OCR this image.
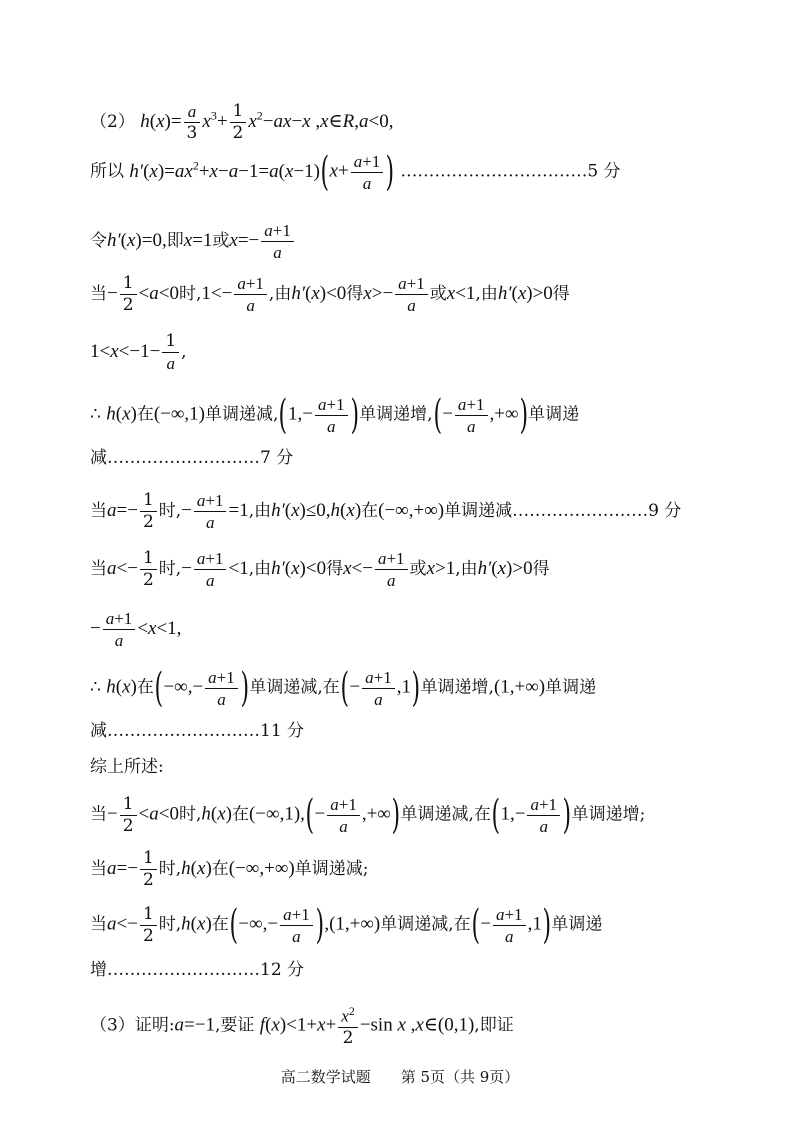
（2） $h(x)= \frac{a}{3} x^3+ \frac{1}{2} x^2-ax-x$ ,x∈R,a<0,
所以 $h'(x)=ax^2+x-a-1=a(x-1)(x+ \frac{a+1}{a}$ ) ……………………………5 分
令h′(x)=0,即x=1或$x=- \frac{a+1}{a}$
当− $\frac{1}{2} <a<0$时$,1<- \frac{a+1}{a}$ ,由h′(x)<0得$x>- \frac{a+1}{a}$ 或x<1,由h′(x)>0得
$1<x<-1- \frac{1}{a}$ ,
∴ h(x)在(−∞,1)单调递减$,(1,- \frac{a+1}{a}$ )单调递增,(− $\frac{a+1}{a}$ ,+∞)单调递
减………………………7 分
当$a=- \frac{1}{2}$ 时,− $\frac{a+1}{a} =1$,由h′(x)≤0,h(x)在(−∞,+∞)单调递减……………………9 分
当$a<- \frac{1}{2}$ 时,− $\frac{a+1}{a} <1$,由h′(x)<0得$x<- \frac{a+1}{a}$ 或x>1,由h′(x)>0得
− $\frac{a+1}{a} <x<1$,
∴ h(x)在(−∞,− $\frac{a+1}{a}$ )单调递减,在(− $\frac{a+1}{a} ,1$)单调递增,(1,+∞)单调递
减………………………11 分
综上所述:
当− $\frac{1}{2} <a<0$时,h(x)在$(-\infty,1),(- \frac{a+1}{a}$ ,+∞)单调递减,在($1,- \frac{a+1}{a}$ )单调递增;
当$a=- \frac{1}{2}$ 时,h(x)在(−∞,+∞)单调递减;
当$a<- \frac{1}{2}$ 时,h(x)在(−∞,− $\frac{a+1}{a} ),(1,+\infty)$单调递减,在(− $\frac{a+1}{a} ,1$)单调递
增………………………12 分
（3）证明:a=−1,要证 $f(x)<1+x+ \frac{x^2}{2} -\sin$ x ,x∈(0,1),即证
高二数学试题　　第 5页（共 9页）
